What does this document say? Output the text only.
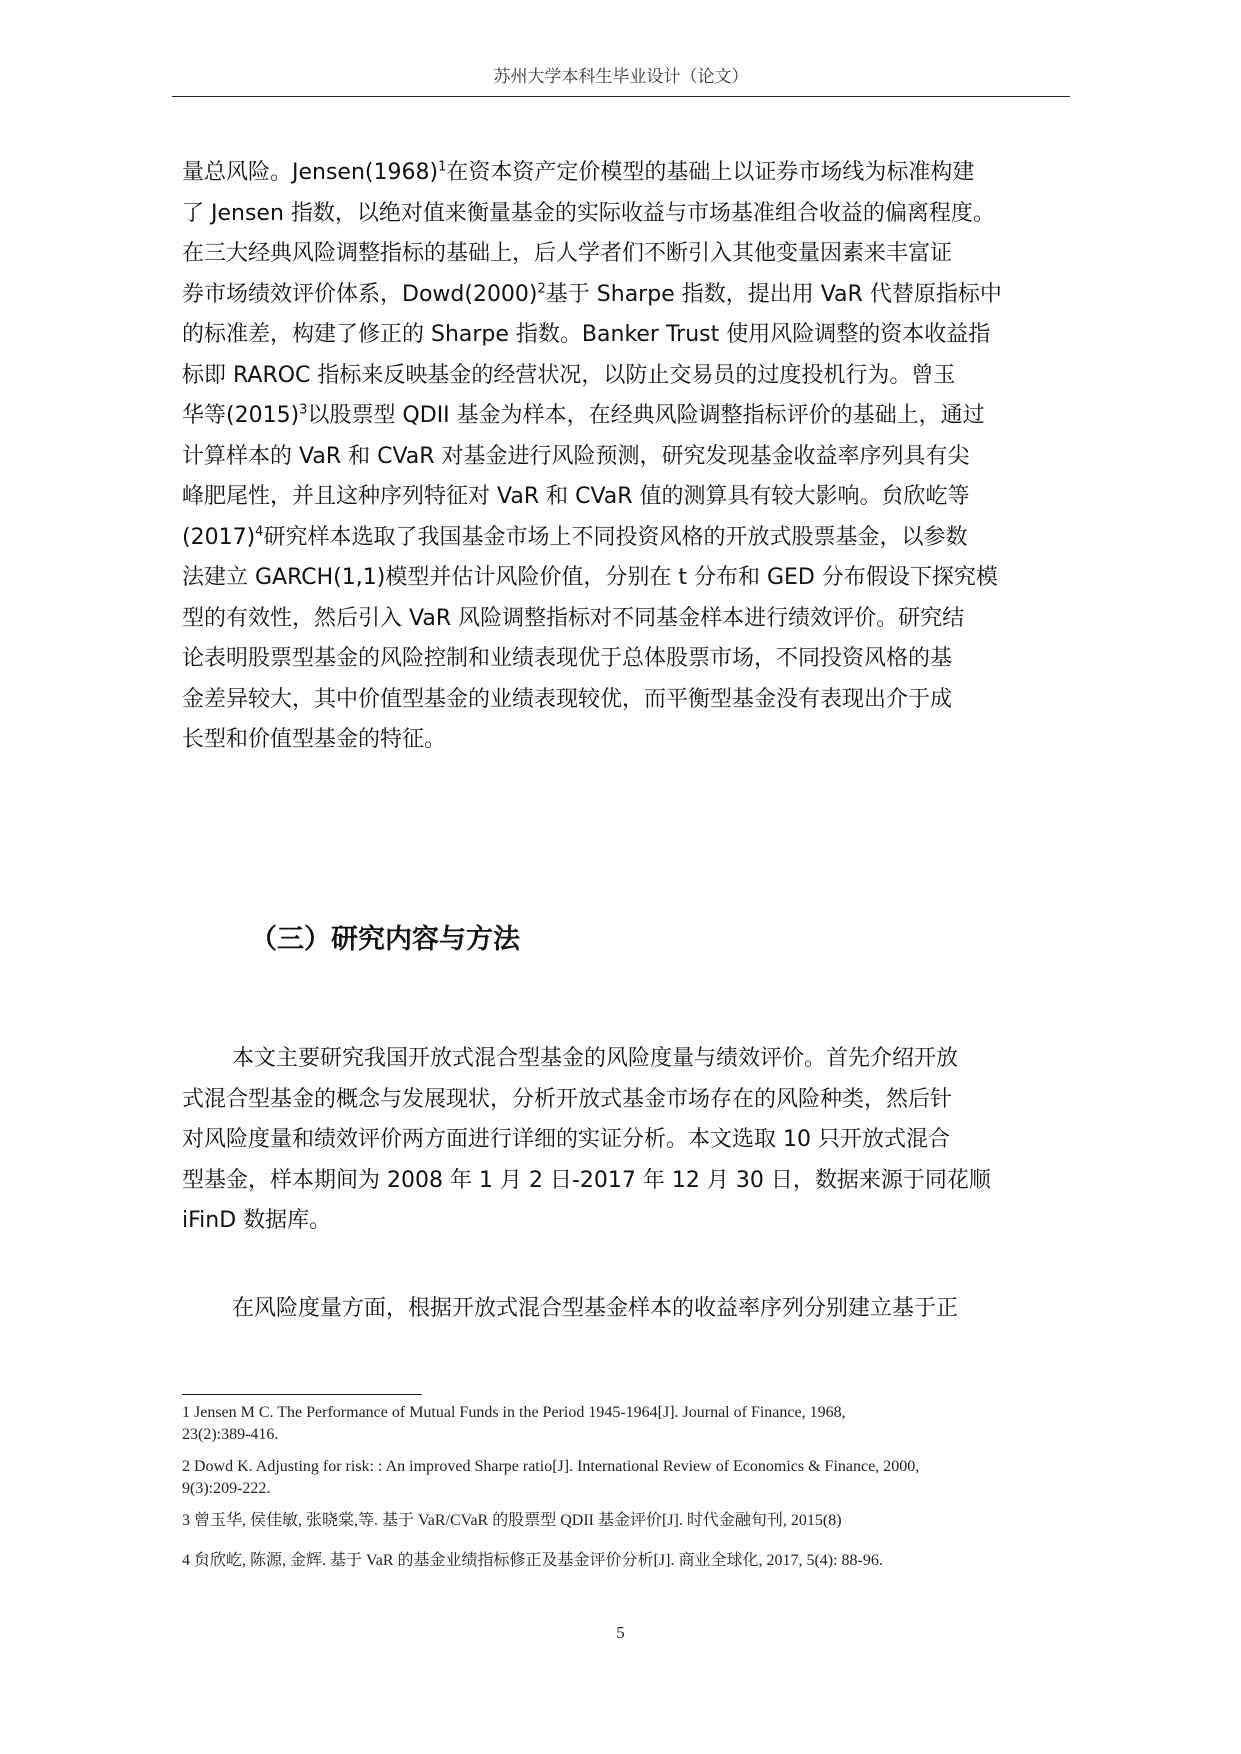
苏州大学本科生毕业设计（论文）
量总风险。$Jensen(1968)^1$在资本资产定价模型的基础上以证券市场线为标准构建
了 Jensen 指数，以绝对值来衡量基金的实际收益与市场基准组合收益的偏离程度。
在三大经典风险调整指标的基础上，后人学者们不断引入其他变量因素来丰富证
券市场绩效评价体系，$Dowd(2000)^2$基于 Sharpe 指数，提出用 VaR 代替原指标中
的标准差，构建了修正的 Sharpe 指数。Banker Trust 使用风险调整的资本收益指
标即 RAROC 指标来反映基金的经营状况，以防止交易员的过度投机行为。曾玉
华等$(2015)^3$以股票型 QDII 基金为样本，在经典风险调整指标评价的基础上，通过
计算样本的 VaR 和 CVaR 对基金进行风险预测，研究发现基金收益率序列具有尖
峰肥尾性，并且这种序列特征对 VaR 和 CVaR 值的测算具有较大影响。贠欣屹等
$(2017)^4$研究样本选取了我国基金市场上不同投资风格的开放式股票基金，以参数
法建立 GARCH(1,1)模型并估计风险价值，分别在 t 分布和 GED 分布假设下探究模
型的有效性，然后引入 VaR 风险调整指标对不同基金样本进行绩效评价。研究结
论表明股票型基金的风险控制和业绩表现优于总体股票市场，不同投资风格的基
金差异较大，其中价值型基金的业绩表现较优，而平衡型基金没有表现出介于成
长型和价值型基金的特征。
（三）研究内容与方法
本文主要研究我国开放式混合型基金的风险度量与绩效评价。首先介绍开放
式混合型基金的概念与发展现状，分析开放式基金市场存在的风险种类，然后针
对风险度量和绩效评价两方面进行详细的实证分析。本文选取 10 只开放式混合
型基金，样本期间为 2008 年 1 月 2 日-2017 年 12 月 30 日，数据来源于同花顺
iFinD 数据库。
在风险度量方面，根据开放式混合型基金样本的收益率序列分别建立基于正
1 Jensen M C. The Performance of Mutual Funds in the Period 1945-1964[J]. Journal of Finance, 1968,
23(2):389-416.
2 Dowd K. Adjusting for risk: : An improved Sharpe ratio[J]. International Review of Economics & Finance, 2000,
9(3):209-222.
3 曾玉华, 侯佳敏, 张晓棠,等. 基于 VaR/CVaR 的股票型 QDII 基金评价[J]. 时代金融旬刊, 2015(8)
4 贠欣屹, 陈源, 金辉. 基于 VaR 的基金业绩指标修正及基金评价分析[J]. 商业全球化, 2017, 5(4): 88-96.
5
